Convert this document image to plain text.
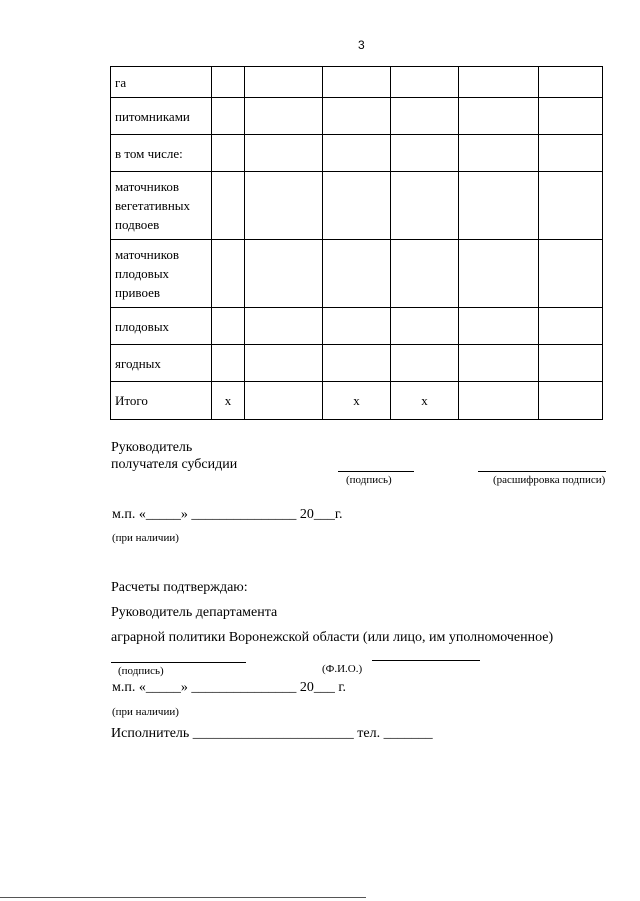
3
га						
питомниками						
в том числе:						
маточников вегетативных подвоев						
маточников плодовых привоев						
плодовых						
ягодных						
Итого	х		х	х		
Руководитель
получателя субсидии
(подпись)	(расшифровка подписи)
м.п. «_____» _______________ 20___г.
(при наличии)
Расчеты подтверждаю:
Руководитель департамента
аграрной политики Воронежской области (или лицо, им уполномоченное)
(подпись)	(Ф.И.О.)
м.п. «_____» _______________ 20___ г.
(при наличии)
Исполнитель _______________________ тел. _______
